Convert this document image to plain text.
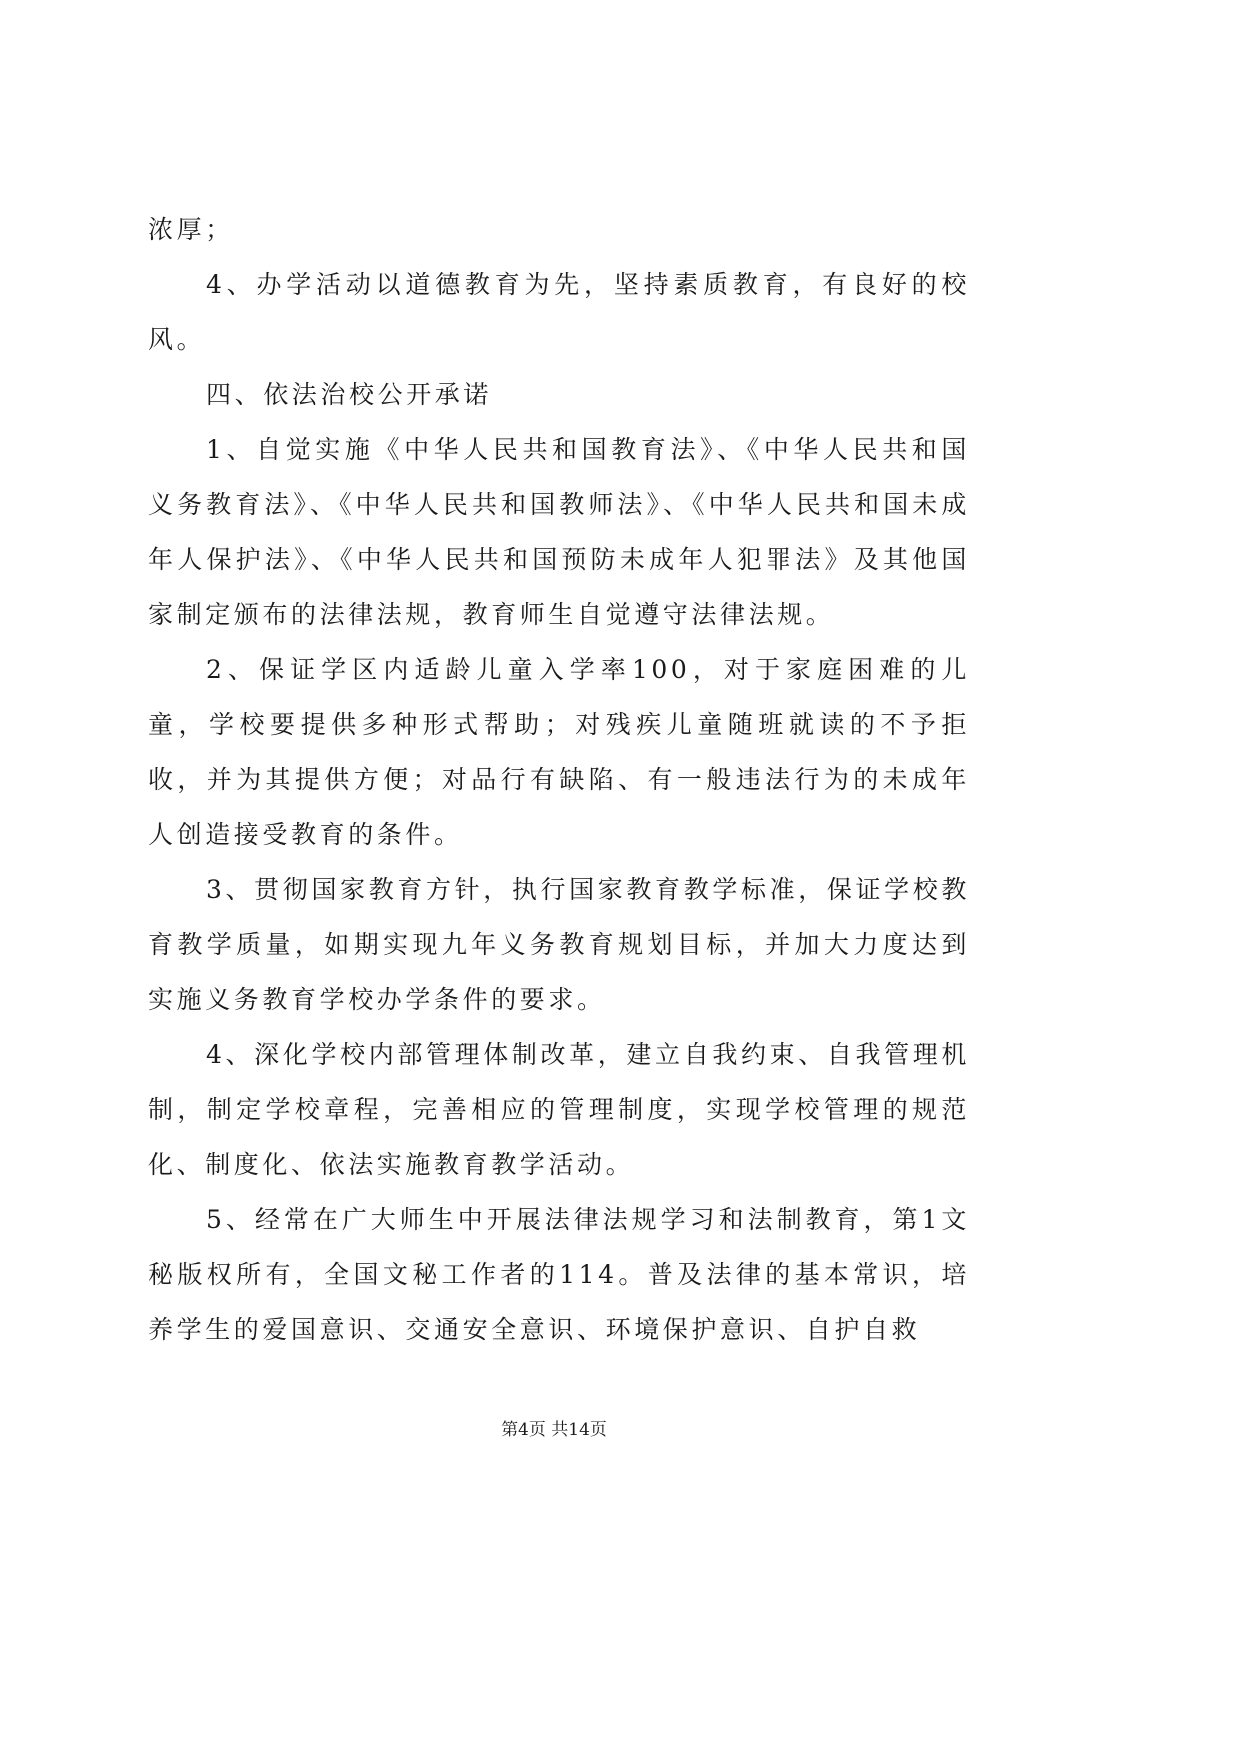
浓厚；

4、办学活动以道德教育为先，坚持素质教育，有良好的校风。

四、依法治校公开承诺

1、自觉实施《中华人民共和国教育法》、《中华人民共和国义务教育法》、《中华人民共和国教师法》、《中华人民共和国未成年人保护法》、《中华人民共和国预防未成年人犯罪法》及其他国家制定颁布的法律法规，教育师生自觉遵守法律法规。

2、保证学区内适龄儿童入学率100，对于家庭困难的儿童，学校要提供多种形式帮助；对残疾儿童随班就读的不予拒收，并为其提供方便；对品行有缺陷、有一般违法行为的未成年人创造接受教育的条件。

3、贯彻国家教育方针，执行国家教育教学标准，保证学校教育教学质量，如期实现九年义务教育规划目标，并加大力度达到实施义务教育学校办学条件的要求。

4、深化学校内部管理体制改革，建立自我约束、自我管理机制，制定学校章程，完善相应的管理制度，实现学校管理的规范化、制度化、依法实施教育教学活动。

5、经常在广大师生中开展法律法规学习和法制教育，第1文秘版权所有，全国文秘工作者的114。普及法律的基本常识，培养学生的爱国意识、交通安全意识、环境保护意识、自护自救

第4页 共14页
